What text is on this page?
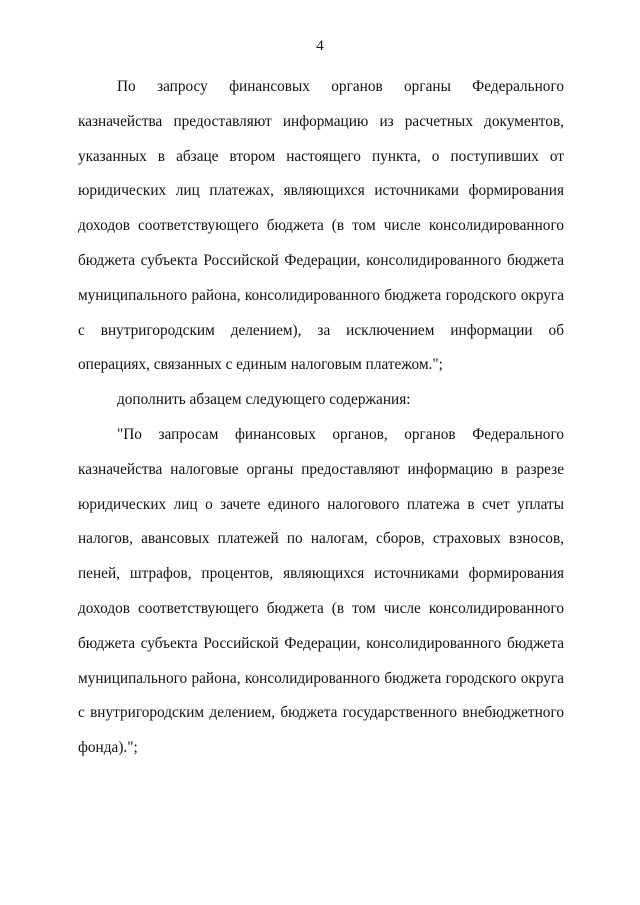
4

По запросу финансовых органов органы Федерального казначейства предоставляют информацию из расчетных документов, указанных в абзаце втором настоящего пункта, о поступивших от юридических лиц платежах, являющихся источниками формирования доходов соответствующего бюджета (в том числе консолидированного бюджета субъекта Российской Федерации, консолидированного бюджета муниципального района, консолидированного бюджета городского округа с внутригородским делением), за исключением информации об операциях, связанных с единым налоговым платежом.";

дополнить абзацем следующего содержания:

"По запросам финансовых органов, органов Федерального казначейства налоговые органы предоставляют информацию в разрезе юридических лиц о зачете единого налогового платежа в счет уплаты налогов, авансовых платежей по налогам, сборов, страховых взносов, пеней, штрафов, процентов, являющихся источниками формирования доходов соответствующего бюджета (в том числе консолидированного бюджета субъекта Российской Федерации, консолидированного бюджета муниципального района, консолидированного бюджета городского округа с внутригородским делением, бюджета государственного внебюджетного фонда).";
